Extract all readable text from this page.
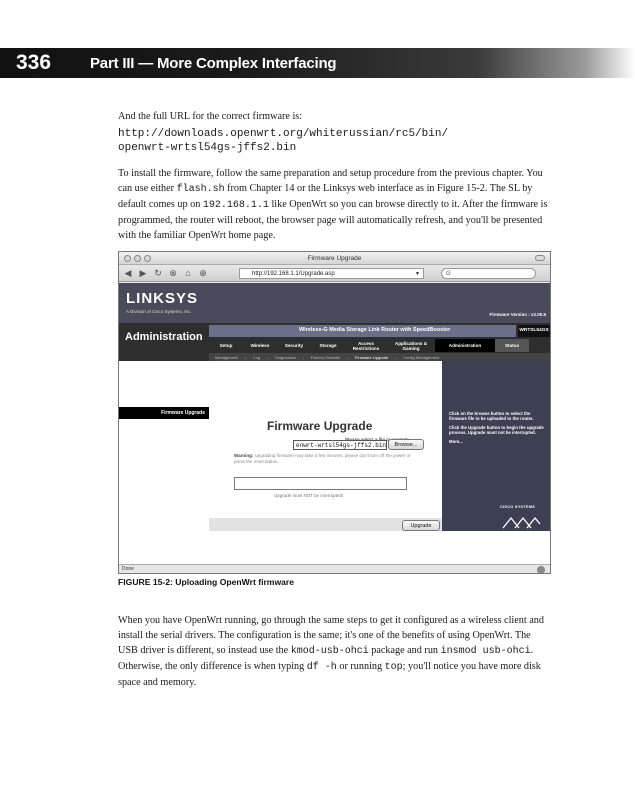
336	Part III — More Complex Interfacing
And the full URL for the correct firmware is:
http://downloads.openwrt.org/whiterussian/rc5/bin/
openwrt-wrtsl54gs-jffs2.bin
To install the firmware, follow the same preparation and setup procedure from the previous chapter. You can use either flash.sh from Chapter 14 or the Linksys web interface as in Figure 15-2. The SL by default comes up on 192.168.1.1 like OpenWrt so you can browse directly to it. After the firmware is programmed, the router will reboot, the browser page will automatically refresh, and you'll be presented with the familiar OpenWrt home page.
Firmware Upgrade
◀ ▶ ↻ ⊗ ⌂ ⊕	http://192.168.1.1/Upgrade.asp	▼	G
LINKSYS
A Division of Cisco Systems, Inc.
Firmware Version : v2.00.5
Administration
Wireless-G Media Storage Link Router with SpeedBooster	WRTSL54GS
Setup	Wireless	Security	Storage	Access Restrictions
Applications & Gaming	Administration	Status
Management | Log | Diagnostics | Factory Defaults | Firmware Upgrade | Config Management
Firmware Upgrade
Firmware Upgrade
enwrt-wrtsl54gs-jffs2.bin	Browse...
Warning: Upgrading firmware may take a few minutes, please don't turn off the power or press the reset button.
Upgrade must NOT be interrupted!
Upgrade

Click on the browse button to select the firmware file to be uploaded to the router.

Click the Upgrade button to begin the upgrade process. Upgrade must not be interrupted.

More...

CISCO SYSTEMS
Done
FIGURE 15-2: Uploading OpenWrt firmware
When you have OpenWrt running, go through the same steps to get it configured as a wireless client and install the serial drivers. The configuration is the same; it's one of the benefits of using OpenWrt. The USB driver is different, so instead use the kmod-usb-ohci package and run insmod usb-ohci. Otherwise, the only difference is when typing df -h or running top; you'll notice you have more disk space and memory.
